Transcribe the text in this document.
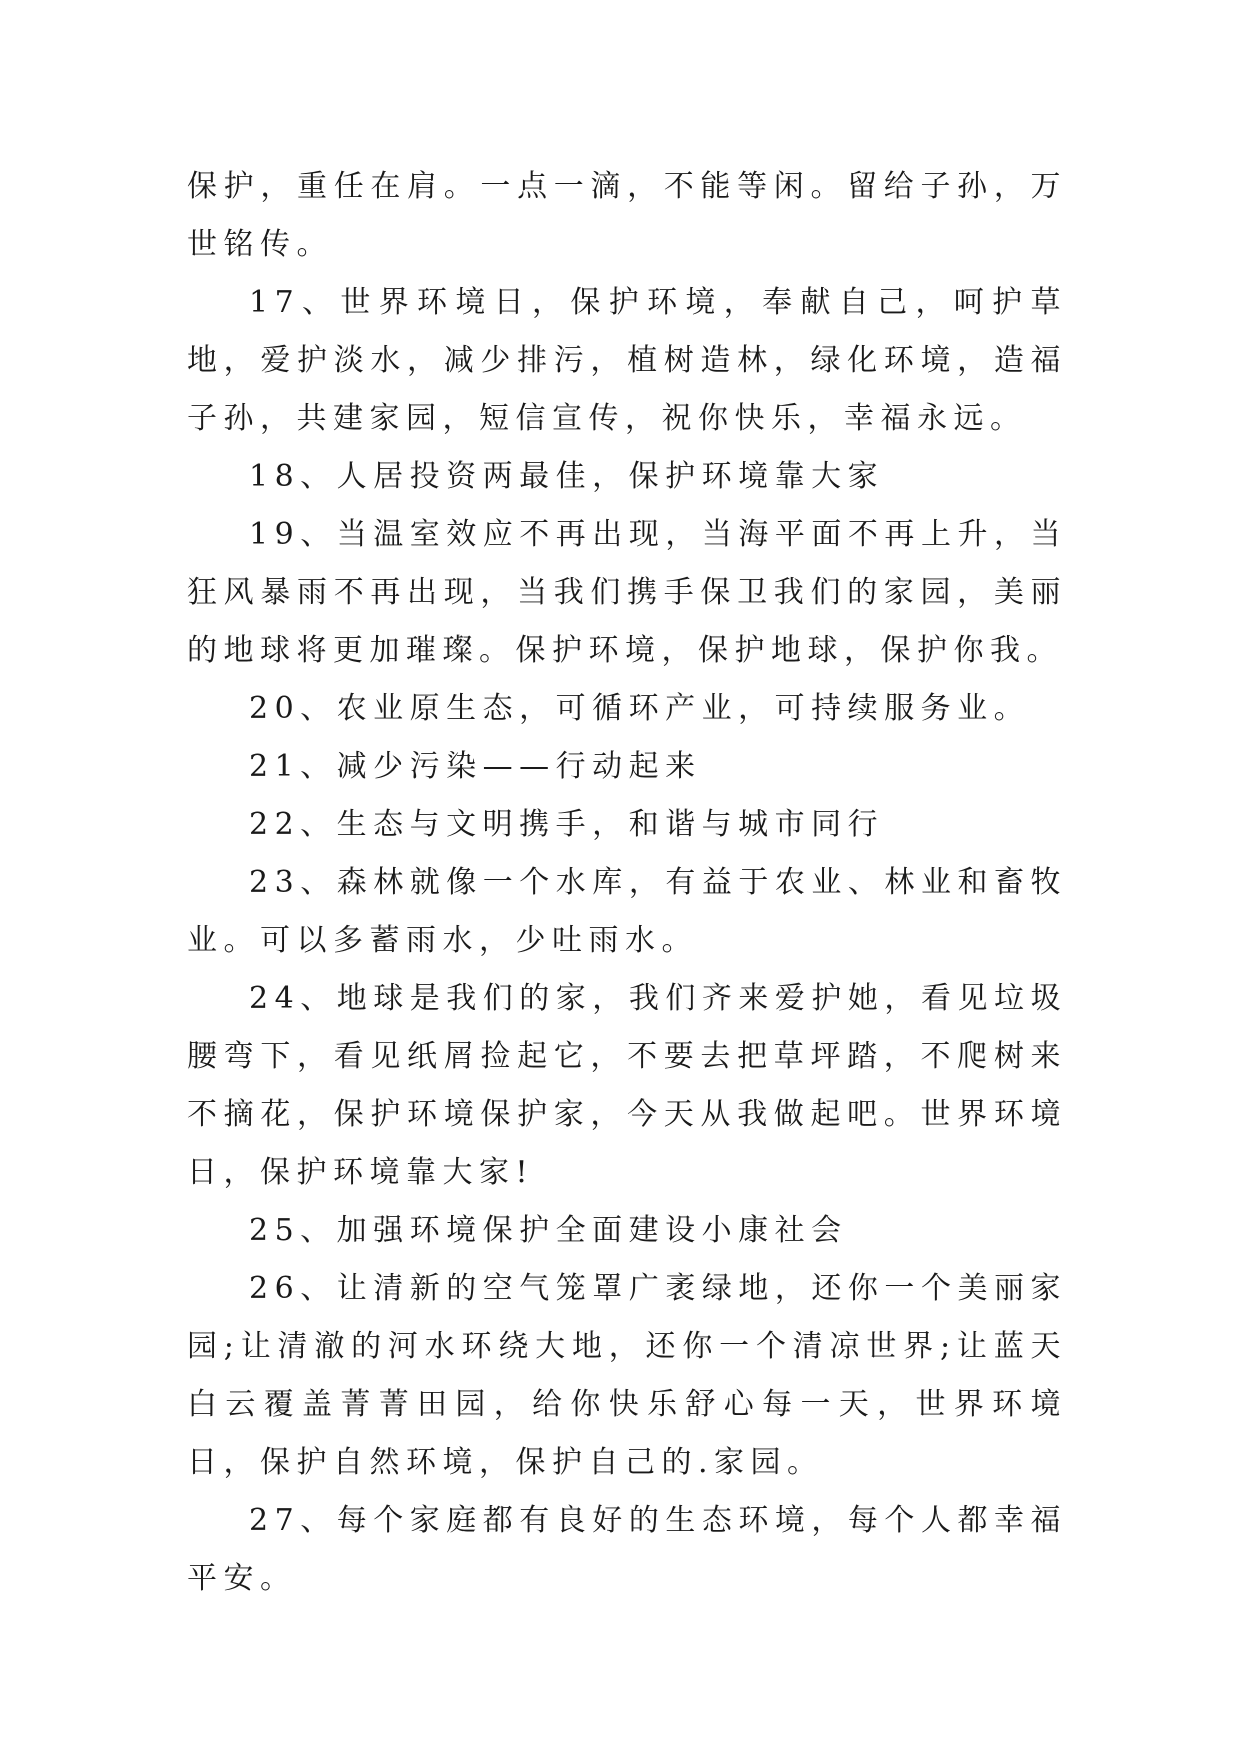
保护，重任在肩。一点一滴，不能等闲。留给子孙，万世铭传。

17、世界环境日，保护环境，奉献自己，呵护草地，爱护淡水，减少排污，植树造林，绿化环境，造福子孙，共建家园，短信宣传，祝你快乐，幸福永远。

18、人居投资两最佳，保护环境靠大家

19、当温室效应不再出现，当海平面不再上升，当狂风暴雨不再出现，当我们携手保卫我们的家园，美丽的地球将更加璀璨。保护环境，保护地球，保护你我。

20、农业原生态，可循环产业，可持续服务业。

21、减少污染——行动起来

22、生态与文明携手，和谐与城市同行

23、森林就像一个水库，有益于农业、林业和畜牧业。可以多蓄雨水，少吐雨水。

24、地球是我们的家，我们齐来爱护她，看见垃圾腰弯下，看见纸屑捡起它，不要去把草坪踏，不爬树来不摘花，保护环境保护家，今天从我做起吧。世界环境日，保护环境靠大家!

25、加强环境保护全面建设小康社会

26、让清新的空气笼罩广袤绿地，还你一个美丽家园;让清澈的河水环绕大地，还你一个清凉世界;让蓝天白云覆盖菁菁田园，给你快乐舒心每一天，世界环境日，保护自然环境，保护自己的.家园。

27、每个家庭都有良好的生态环境，每个人都幸福平安。
